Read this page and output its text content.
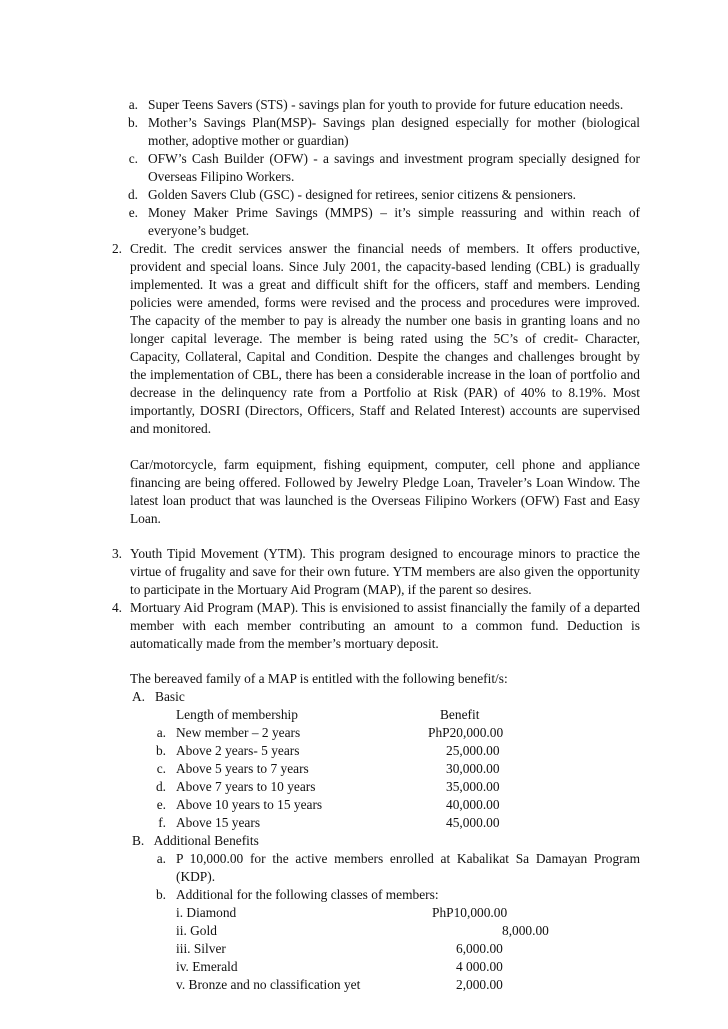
a. Super Teens Savers (STS) - savings plan for youth to provide for future education needs.
b. Mother’s Savings Plan(MSP)- Savings plan designed especially for mother (biological
mother, adoptive mother or guardian)
c. OFW’s Cash Builder (OFW) - a savings and investment program specially designed for
Overseas Filipino Workers.
d. Golden Savers Club (GSC) - designed for retirees, senior citizens & pensioners.
e. Money Maker Prime Savings (MMPS) – it’s simple reassuring and within reach of
everyone’s budget.
2. Credit. The credit services answer the financial needs of members. It offers productive,
provident and special loans. Since July 2001, the capacity-based lending (CBL) is gradually
implemented. It was a great and difficult shift for the officers, staff and members. Lending
policies were amended, forms were revised and the process and procedures were improved.
The capacity of the member to pay is already the number one basis in granting loans and no
longer capital leverage. The member is being rated using the 5C’s of credit- Character,
Capacity, Collateral, Capital and Condition. Despite the changes and challenges brought by
the implementation of CBL, there has been a considerable increase in the loan of portfolio and
decrease in the delinquency rate from a Portfolio at Risk (PAR) of 40% to 8.19%. Most
importantly, DOSRI (Directors, Officers, Staff and Related Interest) accounts are supervised
and monitored.
Car/motorcycle, farm equipment, fishing equipment, computer, cell phone and appliance
financing are being offered. Followed by Jewelry Pledge Loan, Traveler’s Loan Window. The
latest loan product that was launched is the Overseas Filipino Workers (OFW) Fast and Easy
Loan.
3. Youth Tipid Movement (YTM). This program designed to encourage minors to practice the
virtue of frugality and save for their own future. YTM members are also given the opportunity
to participate in the Mortuary Aid Program (MAP), if the parent so desires.
4. Mortuary Aid Program (MAP). This is envisioned to assist financially the family of a departed
member with each member contributing an amount to a common fund. Deduction is
automatically made from the member’s mortuary deposit.
The bereaved family of a MAP is entitled with the following benefit/s:
A.   Basic
Length of membership	Benefit
a. New member – 2 years	PhP20,000.00
b. Above 2 years- 5 years	25,000.00
c. Above 5 years to 7 years	30,000.00
d. Above 7 years to 10 years	35,000.00
e. Above 10 years to 15 years	40,000.00
f. Above 15 years	45,000.00
B.   Additional Benefits
a. P 10,000.00 for the active members enrolled at Kabalikat Sa Damayan Program
(KDP).
b. Additional for the following classes of members:
i. Diamond	PhP10,000.00
ii. Gold	8,000.00
iii. Silver	6,000.00
iv. Emerald	4 000.00
v. Bronze and no classification yet	2,000.00
